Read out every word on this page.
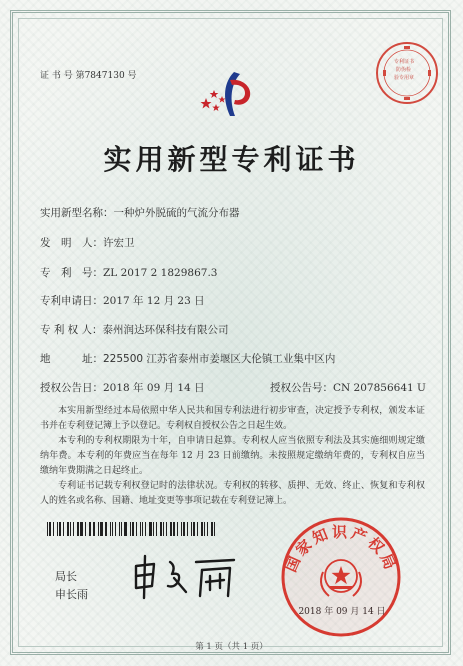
证 书 号 第7847130 号
专利证书
防伪检
验专用章
实用新型专利证书
实用新型名称：一种炉外脱硫的气流分布器
发　明　人：许宏卫
专　利　号：ZL 2017 2 1829867.3
专利申请日：2017 年 12 月 23 日
专 利 权 人：泰州润达环保科技有限公司
地　　　址：225500 江苏省泰州市姜堰区大伦镇工业集中区内
授权公告日：2018 年 09 月 14 日	授权公告号：CN 207856641 U
本实用新型经过本局依照中华人民共和国专利法进行初步审查，决定授予专利权，颁发本证书并在专利登记簿上予以登记。专利权自授权公告之日起生效。
本专利的专利权期限为十年，自申请日起算。专利权人应当依照专利法及其实施细则规定缴纳年费。本专利的年费应当在每年 12 月 23 日前缴纳。未按照规定缴纳年费的，专利权自应当缴纳年费期满之日起终止。
专利证书记载专利权登记时的法律状况。专利权的转移、质押、无效、终止、恢复和专利权人的姓名或名称、国籍、地址变更等事项记载在专利登记簿上。
局长
申长雨
国家知识产权局
2018 年 09 月 14 日
第 1 页（共 1 页）
